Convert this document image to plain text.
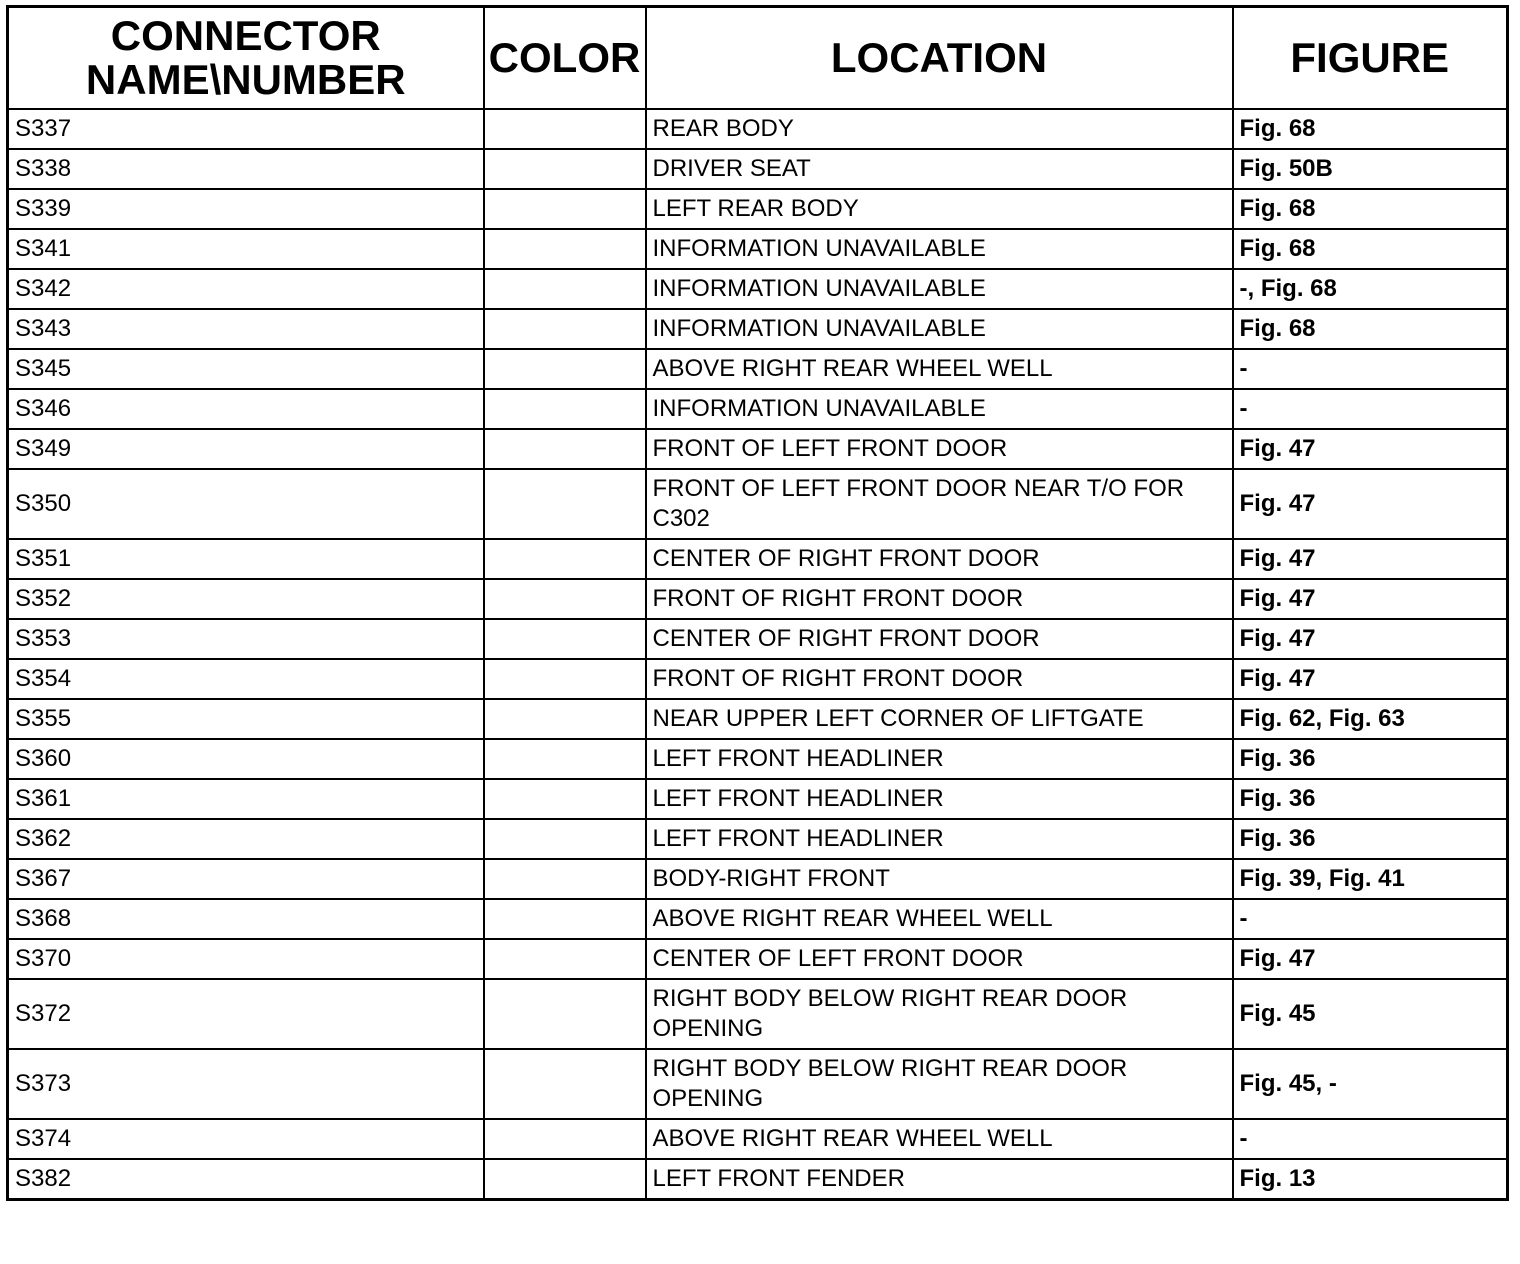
CONNECTOR
NAME\NUMBER	COLOR	LOCATION	FIGURE
S337		REAR BODY	Fig. 68
S338		DRIVER SEAT	Fig. 50B
S339		LEFT REAR BODY	Fig. 68
S341		INFORMATION UNAVAILABLE	Fig. 68
S342		INFORMATION UNAVAILABLE	-, Fig. 68
S343		INFORMATION UNAVAILABLE	Fig. 68
S345		ABOVE RIGHT REAR WHEEL WELL	-
S346		INFORMATION UNAVAILABLE	-
S349		FRONT OF LEFT FRONT DOOR	Fig. 47
S350		FRONT OF LEFT FRONT DOOR NEAR T/O FOR C302	Fig. 47
S351		CENTER OF RIGHT FRONT DOOR	Fig. 47
S352		FRONT OF RIGHT FRONT DOOR	Fig. 47
S353		CENTER OF RIGHT FRONT DOOR	Fig. 47
S354		FRONT OF RIGHT FRONT DOOR	Fig. 47
S355		NEAR UPPER LEFT CORNER OF LIFTGATE	Fig. 62, Fig. 63
S360		LEFT FRONT HEADLINER	Fig. 36
S361		LEFT FRONT HEADLINER	Fig. 36
S362		LEFT FRONT HEADLINER	Fig. 36
S367		BODY-RIGHT FRONT	Fig. 39, Fig. 41
S368		ABOVE RIGHT REAR WHEEL WELL	-
S370		CENTER OF LEFT FRONT DOOR	Fig. 47
S372		RIGHT BODY BELOW RIGHT REAR DOOR OPENING	Fig. 45
S373		RIGHT BODY BELOW RIGHT REAR DOOR OPENING	Fig. 45, -
S374		ABOVE RIGHT REAR WHEEL WELL	-
S382		LEFT FRONT FENDER	Fig. 13
